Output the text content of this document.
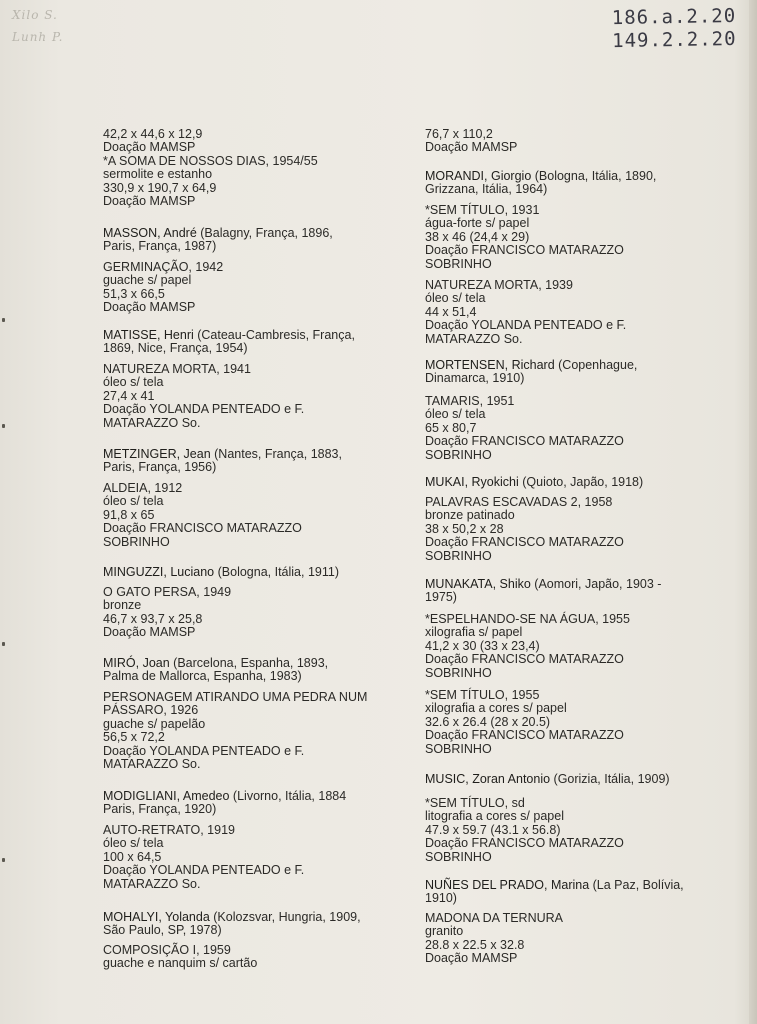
Xilo S.
Lunh P.
186.a.2.20
149.2.2.20
42,2 x 44,6 x 12,9
Doação MAMSP
*A SOMA DE NOSSOS DIAS, 1954/55
sermolite e estanho
330,9 x 190,7 x 64,9
Doação MAMSP
MASSON, André (Balagny, França, 1896,
Paris, França, 1987)
GERMINAÇÃO, 1942
guache s/ papel
51,3 x 66,5
Doação MAMSP
MATISSE, Henri (Cateau-Cambresis, França,
1869, Nice, França, 1954)
NATUREZA MORTA, 1941
óleo s/ tela
27,4 x 41
Doação YOLANDA PENTEADO e F.
MATARAZZO So.
METZINGER, Jean (Nantes, França, 1883,
Paris, França, 1956)
ALDEIA, 1912
óleo s/ tela
91,8 x 65
Doação FRANCISCO MATARAZZO
SOBRINHO
MINGUZZI, Luciano (Bologna, Itália, 1911)
O GATO PERSA, 1949
bronze
46,7 x 93,7 x 25,8
Doação MAMSP
MIRÓ, Joan (Barcelona, Espanha, 1893,
Palma de Mallorca, Espanha, 1983)
PERSONAGEM ATIRANDO UMA PEDRA NUM
PÁSSARO, 1926
guache s/ papelão
56,5 x 72,2
Doação YOLANDA PENTEADO e F.
MATARAZZO So.
MODIGLIANI, Amedeo (Livorno, Itália, 1884
Paris, França, 1920)
AUTO-RETRATO, 1919
óleo s/ tela
100 x 64,5
Doação YOLANDA PENTEADO e F.
MATARAZZO So.
MOHALYI, Yolanda (Kolozsvar, Hungria, 1909,
São Paulo, SP, 1978)
COMPOSIÇÃO I, 1959
guache e nanquim s/ cartão
76,7 x 110,2
Doação MAMSP
MORANDI, Giorgio (Bologna, Itália, 1890,
Grizzana, Itália, 1964)
*SEM TÍTULO, 1931
água-forte s/ papel
38 x 46 (24,4 x 29)
Doação FRANCISCO MATARAZZO
SOBRINHO
NATUREZA MORTA, 1939
óleo s/ tela
44 x 51,4
Doação YOLANDA PENTEADO e F.
MATARAZZO So.
MORTENSEN, Richard (Copenhague,
Dinamarca, 1910)
TAMARIS, 1951
óleo s/ tela
65 x 80,7
Doação FRANCISCO MATARAZZO
SOBRINHO
MUKAI, Ryokichi (Quioto, Japão, 1918)
PALAVRAS ESCAVADAS 2, 1958
bronze patinado
38 x 50,2 x 28
Doação FRANCISCO MATARAZZO
SOBRINHO
MUNAKATA, Shiko (Aomori, Japão, 1903 -
1975)
*ESPELHANDO-SE NA ÁGUA, 1955
xilografia s/ papel
41,2 x 30 (33 x 23,4)
Doação FRANCISCO MATARAZZO
SOBRINHO
*SEM TÍTULO, 1955
xilografia a cores s/ papel
32.6 x 26.4 (28 x 20.5)
Doação FRANCISCO MATARAZZO
SOBRINHO
MUSIC, Zoran Antonio (Gorizia, Itália, 1909)
*SEM TÍTULO, sd
litografia a cores s/ papel
47.9 x 59.7 (43.1 x 56.8)
Doação FRANCISCO MATARAZZO
SOBRINHO
NUÑES DEL PRADO, Marina (La Paz, Bolívia,
1910)
MADONA DA TERNURA
granito
28.8 x 22.5 x 32.8
Doação MAMSP
